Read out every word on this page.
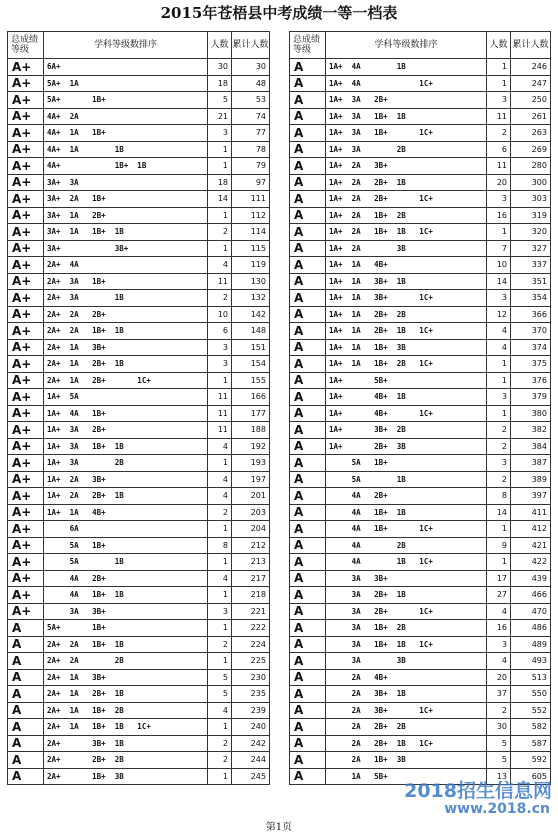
2015年苍梧县中考成绩一等一档表
总成绩等级	学科等级数排序	人数	累计人数
A+	6A+	30	30
A+	5A+  1A	18	48
A+	5A+       1B+	5	53
A+	4A+  2A	21	74
A+	4A+  1A   1B+	3	77
A+	4A+  1A        1B	1	78
A+	4A+            1B+  1B	1	79
A+	3A+  3A	18	97
A+	3A+  2A   1B+	14	111
A+	3A+  1A   2B+	1	112
A+	3A+  1A   1B+  1B	2	114
A+	3A+            3B+	1	115
A+	2A+  4A	4	119
A+	2A+  3A   1B+	11	130
A+	2A+  3A        1B	2	132
A+	2A+  2A   2B+	10	142
A+	2A+  2A   1B+  1B	6	148
A+	2A+  1A   3B+	3	151
A+	2A+  1A   2B+  1B	3	154
A+	2A+  1A   2B+       1C+	1	155
A+	1A+  5A	11	166
A+	1A+  4A   1B+	11	177
A+	1A+  3A   2B+	11	188
A+	1A+  3A   1B+  1B	4	192
A+	1A+  3A        2B	1	193
A+	1A+  2A   3B+	4	197
A+	1A+  2A   2B+  1B	4	201
A+	1A+  1A   4B+	2	203
A+	6A	1	204
A+	5A   1B+	8	212
A+	5A        1B	1	213
A+	4A   2B+	4	217
A+	4A   1B+  1B	1	218
A+	3A   3B+	3	221
A	5A+       1B+	1	222
A	2A+  2A   1B+  1B	2	224
A	2A+  2A        2B	1	225
A	2A+  1A   3B+	5	230
A	2A+  1A   2B+  1B	5	235
A	2A+  1A   1B+  2B	4	239
A	2A+  1A   1B+  1B   1C+	1	240
A	2A+       3B+  1B	2	242
A	2A+       2B+  2B	2	244
A	2A+       1B+  3B	1	245
总成绩等级	学科等级数排序	人数	累计人数
A	1A+  4A        1B	1	246
A	1A+  4A             1C+	1	247
A	1A+  3A   2B+	3	250
A	1A+  3A   1B+  1B	11	261
A	1A+  3A   1B+       1C+	2	263
A	1A+  3A        2B	6	269
A	1A+  2A   3B+	11	280
A	1A+  2A   2B+  1B	20	300
A	1A+  2A   2B+       1C+	3	303
A	1A+  2A   1B+  2B	16	319
A	1A+  2A   1B+  1B   1C+	1	320
A	1A+  2A        3B	7	327
A	1A+  1A   4B+	10	337
A	1A+  1A   3B+  1B	14	351
A	1A+  1A   3B+       1C+	3	354
A	1A+  1A   2B+  2B	12	366
A	1A+  1A   2B+  1B   1C+	4	370
A	1A+  1A   1B+  3B	4	374
A	1A+  1A   1B+  2B   1C+	1	375
A	1A+       5B+	1	376
A	1A+       4B+  1B	3	379
A	1A+       4B+       1C+	1	380
A	1A+       3B+  2B	2	382
A	1A+       2B+  3B	2	384
A	5A   1B+	3	387
A	5A        1B	2	389
A	4A   2B+	8	397
A	4A   1B+  1B	14	411
A	4A   1B+       1C+	1	412
A	4A        2B	9	421
A	4A        1B   1C+	1	422
A	3A   3B+	17	439
A	3A   2B+  1B	27	466
A	3A   2B+       1C+	4	470
A	3A   1B+  2B	16	486
A	3A   1B+  1B   1C+	3	489
A	3A        3B	4	493
A	2A   4B+	20	513
A	2A   3B+  1B	37	550
A	2A   3B+       1C+	2	552
A	2A   2B+  2B	30	582
A	2A   2B+  1B   1C+	5	587
A	2A   1B+  3B	5	592
A	1A   5B+	13	605
第1页
2018招生信息网
www.2018.cn
